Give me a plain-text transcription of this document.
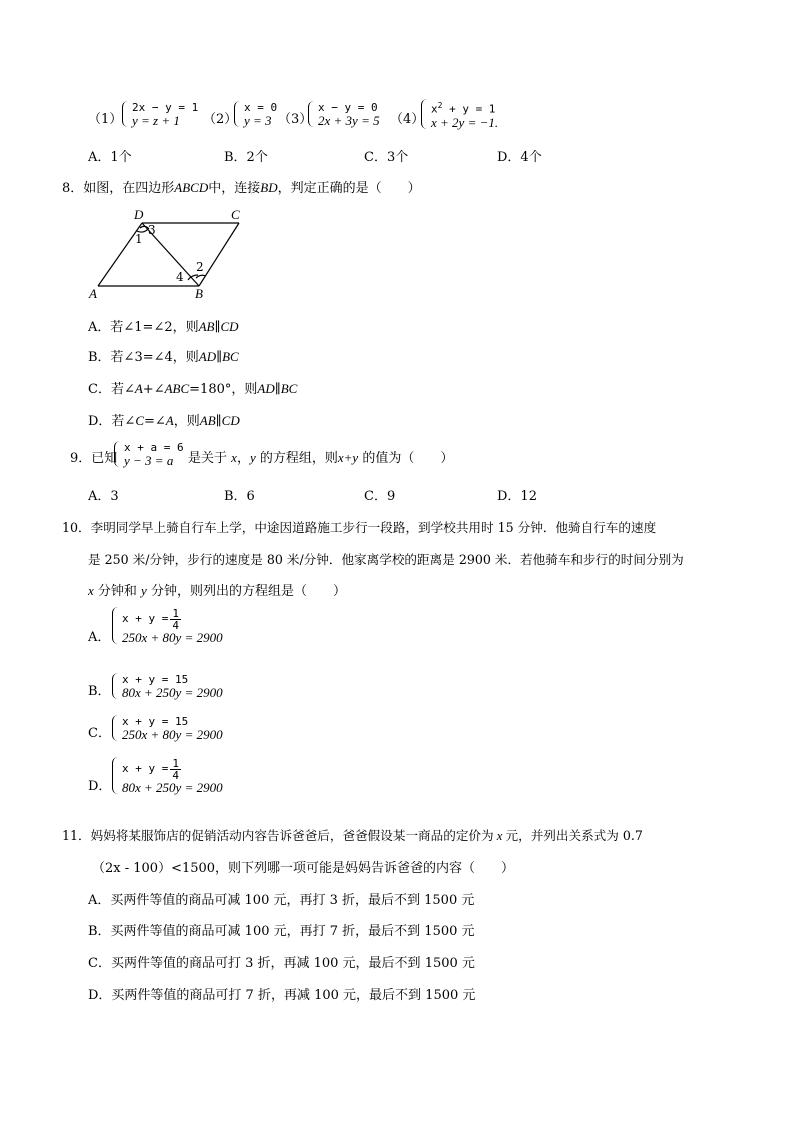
（1）
2x − y = 1
y = z + 1	（2）
x = 0
y = 3 （3）
x − y = 0
2x + 3y = 5 （4）
$x^2 + y = 1$
x + 2y = −1.
A．1个	B．2个	C．3个	D．4个
8．如图，在四边形ABCD中，连接BD，判定正确的是（　　）
A	B
C
D
1
2
3
4
A．若∠1=∠2，则AB∥CD
B．若∠3=∠4，则AD∥BC
C．若∠A+∠ABC=180°，则AD∥BC
D．若∠C=∠A，则AB∥CD
9．已知
x + a = 6
y − 3 = a	是关于 x，y 的方程组，则x+y 的值为（　　）
A．3	B．6	C．9	D．12
10．李明同学早上骑自行车上学，中途因道路施工步行一段路，到学校共用时 15 分钟．他骑自行车的速度
是 250 米/分钟，步行的速度是 80 米/分钟．他家离学校的距离是 2900 米．若他骑车和步行的时间分别为
x 分钟和 y 分钟，则列出的方程组是（　　）
A．
$x + y = \frac{1}{4}$
250x + 80y = 2900
B．
x + y = 15
80x + 250y = 2900
C．
x + y = 15
250x + 80y = 2900
D．
$x + y = \frac{1}{4}$
80x + 250y = 2900
11．妈妈将某服饰店的促销活动内容告诉爸爸后，爸爸假设某一商品的定价为 x 元，并列出关系式为 0.7
（2x - 100）<1500，则下列哪一项可能是妈妈告诉爸爸的内容（　　）
A．买两件等值的商品可减 100 元，再打 3 折，最后不到 1500 元
B．买两件等值的商品可减 100 元，再打 7 折，最后不到 1500 元
C．买两件等值的商品可打 3 折，再减 100 元，最后不到 1500 元
D．买两件等值的商品可打 7 折，再减 100 元，最后不到 1500 元
